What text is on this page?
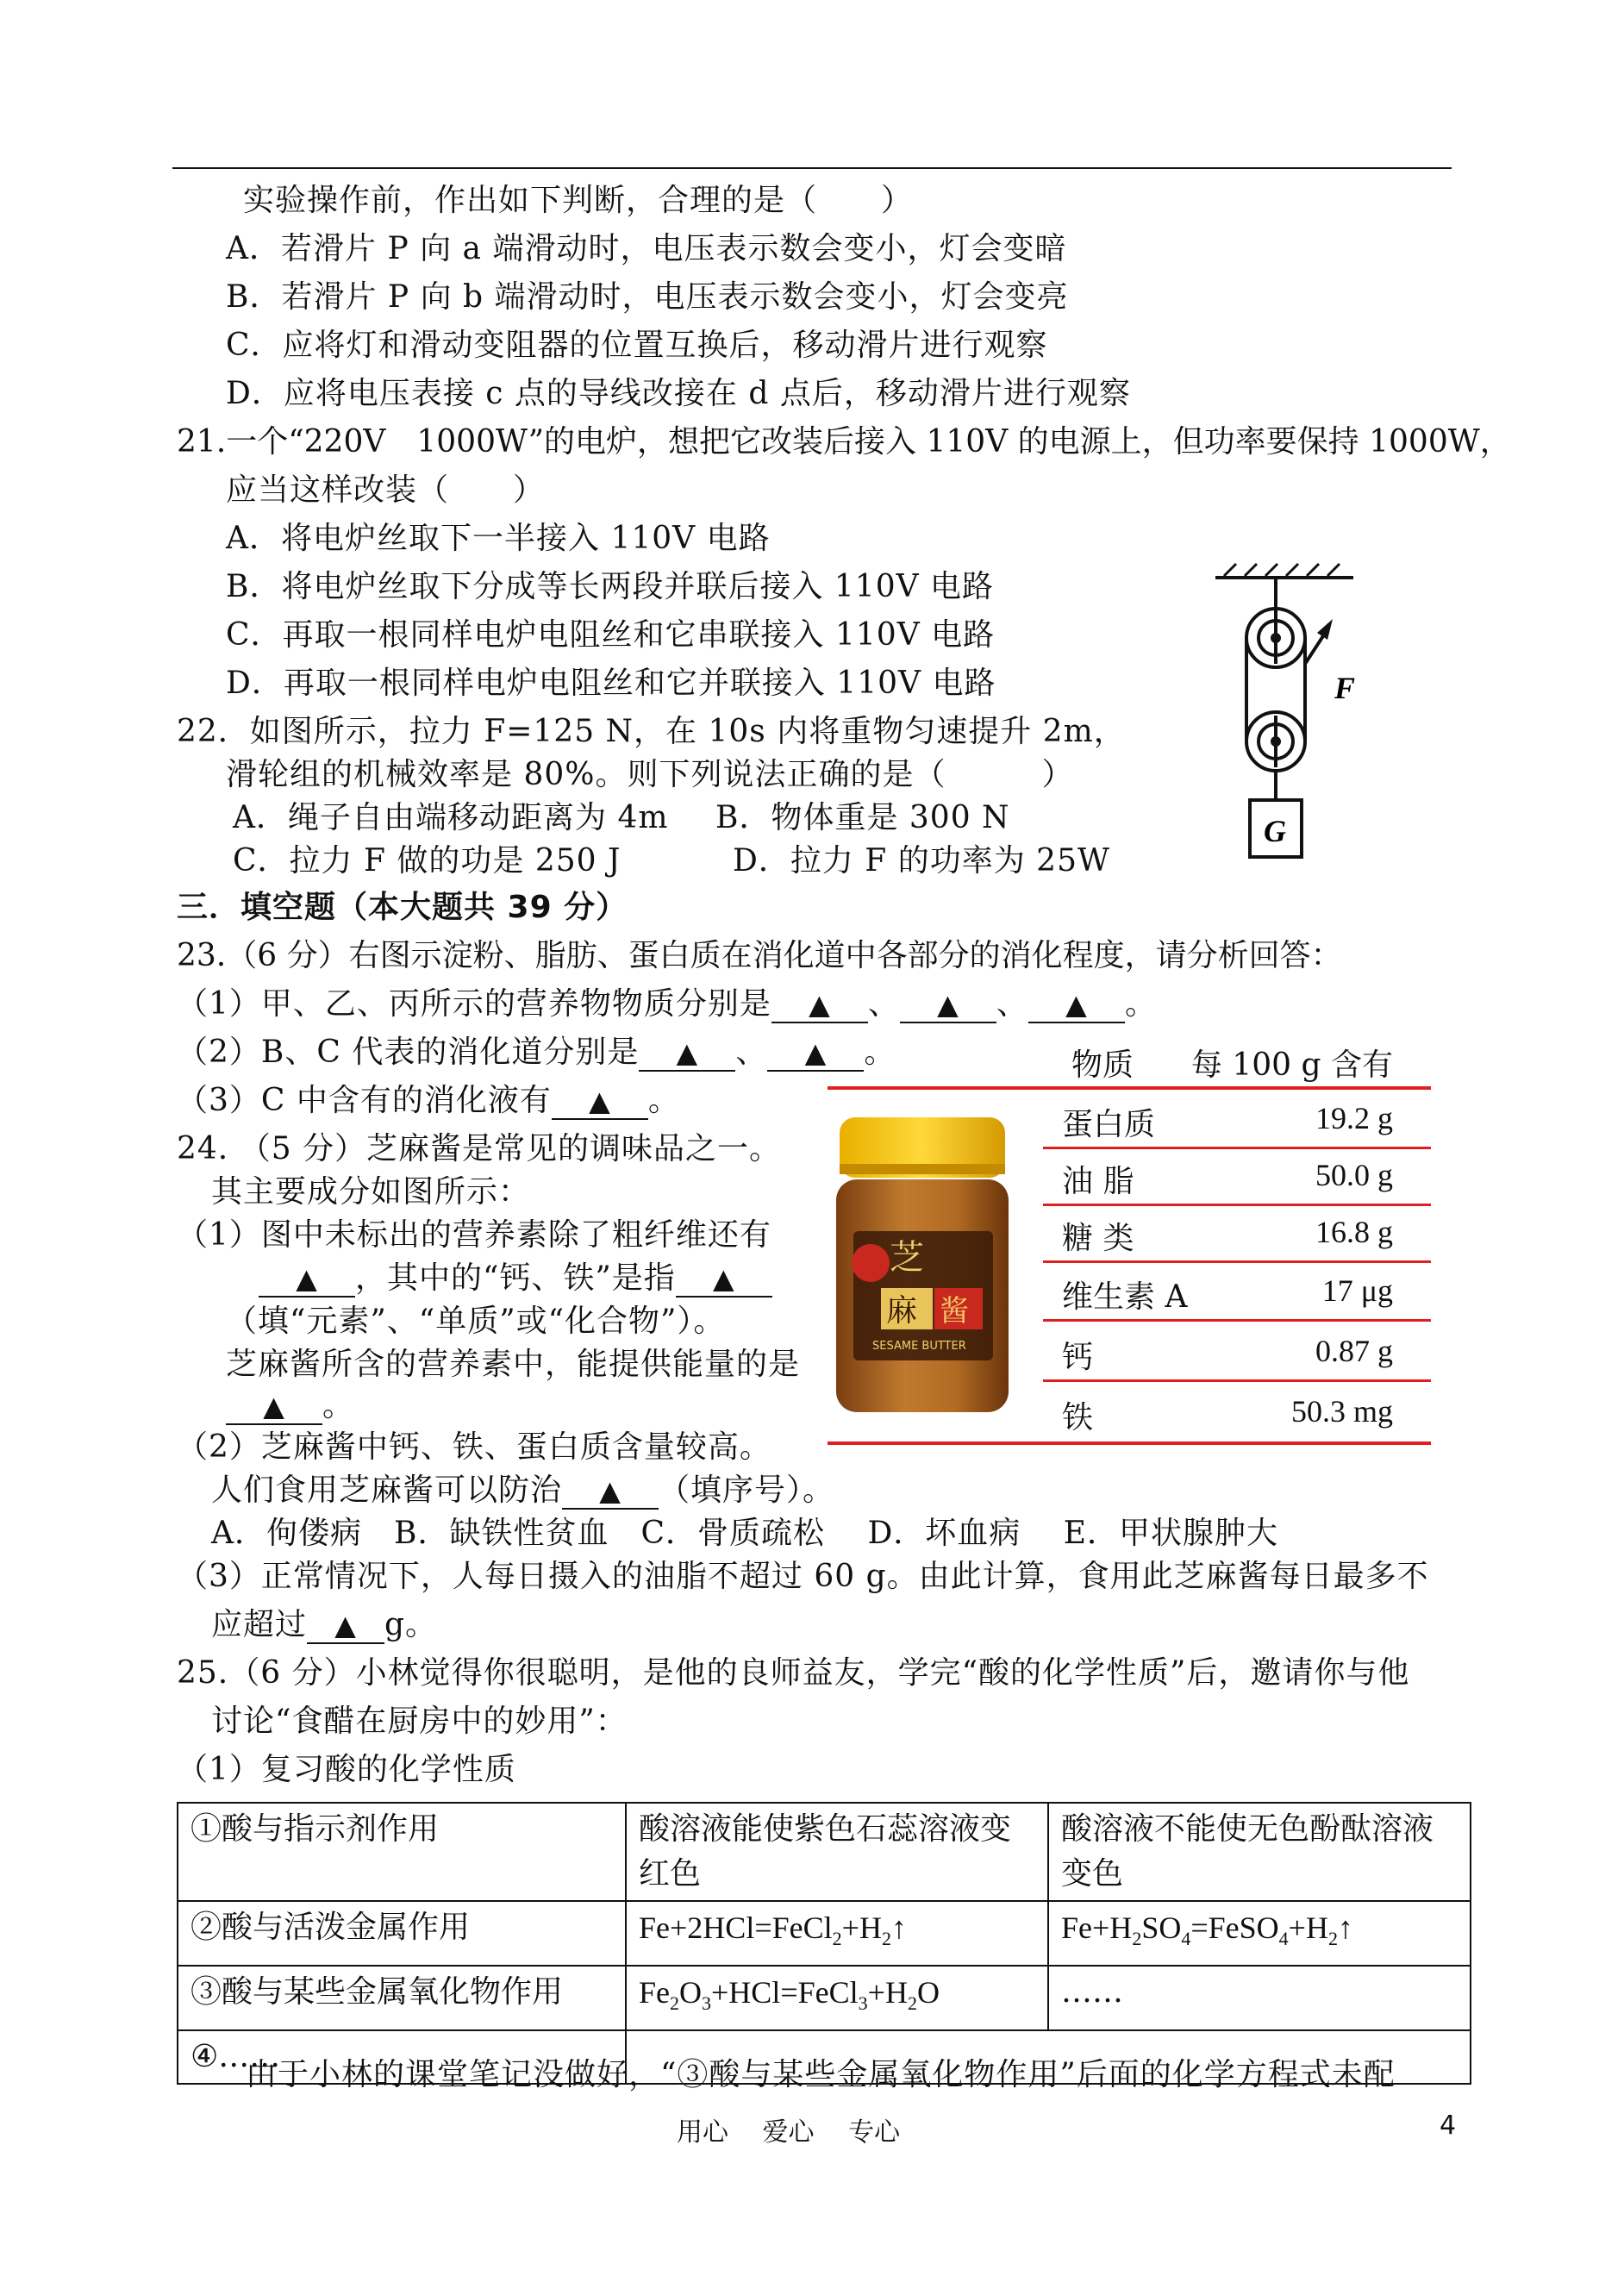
实验操作前，作出如下判断，合理的是（　　）
A．若滑片 P 向 a 端滑动时，电压表示数会变小，灯会变暗
B．若滑片 P 向 b 端滑动时，电压表示数会变小，灯会变亮
C．应将灯和滑动变阻器的位置互换后，移动滑片进行观察
D．应将电压表接 c 点的导线改接在 d 点后，移动滑片进行观察
21.一个“220V　1000W”的电炉，想把它改装后接入 110V 的电源上，但功率要保持 1000W，
应当这样改装（　　）
A．将电炉丝取下一半接入 110V 电路
B．将电炉丝取下分成等长两段并联后接入 110V 电路
C．再取一根同样电炉电阻丝和它串联接入 110V 电路
D．再取一根同样电炉电阻丝和它并联接入 110V 电路	F
G
22．如图所示，拉力 F=125 N，在 10s 内将重物匀速提升 2m，
滑轮组的机械效率是 80%。则下列说法正确的是（　　　）
A．绳子自由端移动距离为 4m B．物体重是 300 N
C．拉力 F 做的功是 250 J	D．拉力 F 的功率为 25W
三．填空题（本大题共 39 分）
23.（6 分）右图示淀粉、脂肪、蛋白质在消化道中各部分的消化程度，请分析回答：
（1）甲、乙、丙所示的营养物物质分别是 ▲ 、 ▲ 、 ▲ 。
（2）B、C 代表的消化道分别是 ▲ 、 ▲ 。
（3）C 中含有的消化液有 ▲ 。
24. （5 分）芝麻酱是常见的调味品之一。
其主要成分如图所示：
（1）图中未标出的营养素除了粗纤维还有
▲ ，其中的“钙、铁”是指 ▲
（填“元素”、“单质”或“化合物”）。
芝麻酱所含的营养素中，能提供能量的是
▲ 。
物质 每 100 g 含有
蛋白质	19.2 g
油 脂	50.0 g
糖 类	16.8 g
维生素 A	17 μg
钙	0.87 g
铁	50.3 mg
芝
麻 酱
SESAME BUTTER
（2）芝麻酱中钙、铁、蛋白质含量较高。
人们食用芝麻酱可以防治 ▲ （填序号）。
A．佝偻病　B．缺铁性贫血　C．骨质疏松　 D．坏血病　 E．甲状腺肿大
（3）正常情况下，人每日摄入的油脂不超过 60 g。由此计算，食用此芝麻酱每日最多不
应超过 ▲ g。
25.（6 分）小林觉得你很聪明，是他的良师益友，学完“酸的化学性质”后，邀请你与他
讨论“食醋在厨房中的妙用”：
（1）复习酸的化学性质
①酸与指示剂作用	酸溶液能使紫色石蕊溶液变红色	酸溶液不能使无色酚酞溶液变色
②酸与活泼金属作用	$Fe+2HCl=FeCl_2+H_2↑$	$Fe+H_2SO_4=FeSO_4+H_2↑$
③酸与某些金属氧化物作用	$Fe_2O_3+HCl=FeCl_3+H_2O$	……
④……		
由于小林的课堂笔记没做好，“③酸与某些金属氧化物作用”后面的化学方程式未配
用心　 爱心　 专心	4
